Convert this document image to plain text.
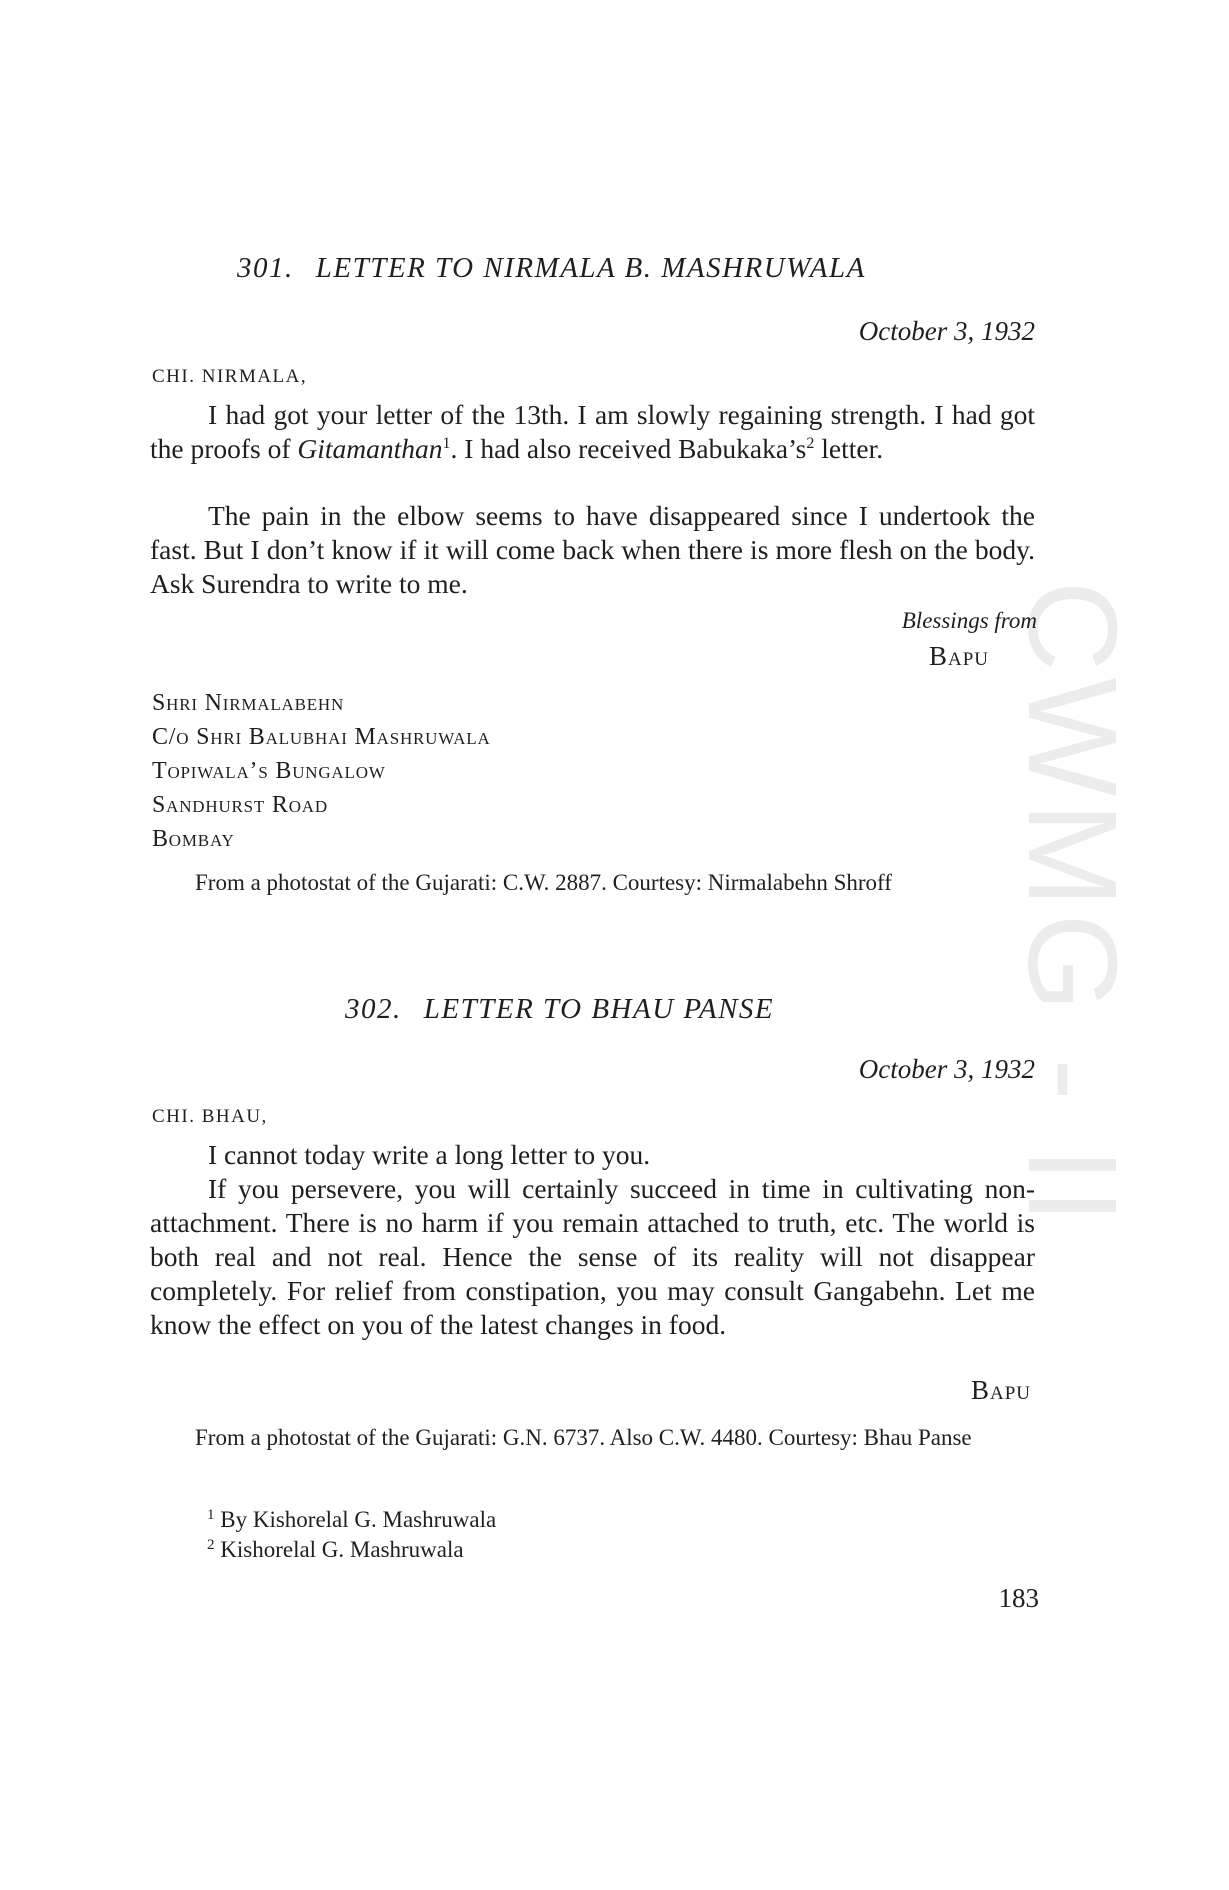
CWMG - II
301. LETTER TO NIRMALA B. MASHRUWALA
October 3, 1932
CHI. NIRMALA,

I had got your letter of the 13th. I am slowly regaining strength. I had got the proofs of Gitamanthan$^1$. I had also received $Babukaka’s^2$ letter.

The pain in the elbow seems to have disappeared since I undertook the fast. But I don’t know if it will come back when there is more flesh on the body. Ask Surendra to write to me.

Blessings from
Bapu
Shri Nirmalabehn
C/o Shri Balubhai Mashruwala
Topiwala’s Bungalow
Sandhurst Road
Bombay
From a photostat of the Gujarati: C.W. 2887. Courtesy: Nirmalabehn Shroff
302. LETTER TO BHAU PANSE
October 3, 1932
CHI. BHAU,

I cannot today write a long letter to you.

If you persevere, you will certainly succeed in time in cultivating non-attachment. There is no harm if you remain attached to truth, etc. The world is both real and not real. Hence the sense of its reality will not disappear completely. For relief from constipation, you may consult Gangabehn. Let me know the effect on you of the latest changes in food.

Bapu
From a photostat of the Gujarati: G.N. 6737. Also C.W. 4480. Courtesy: Bhau Panse
$^1$ By Kishorelal G. Mashruwala
$^2$ Kishorelal G. Mashruwala
183
